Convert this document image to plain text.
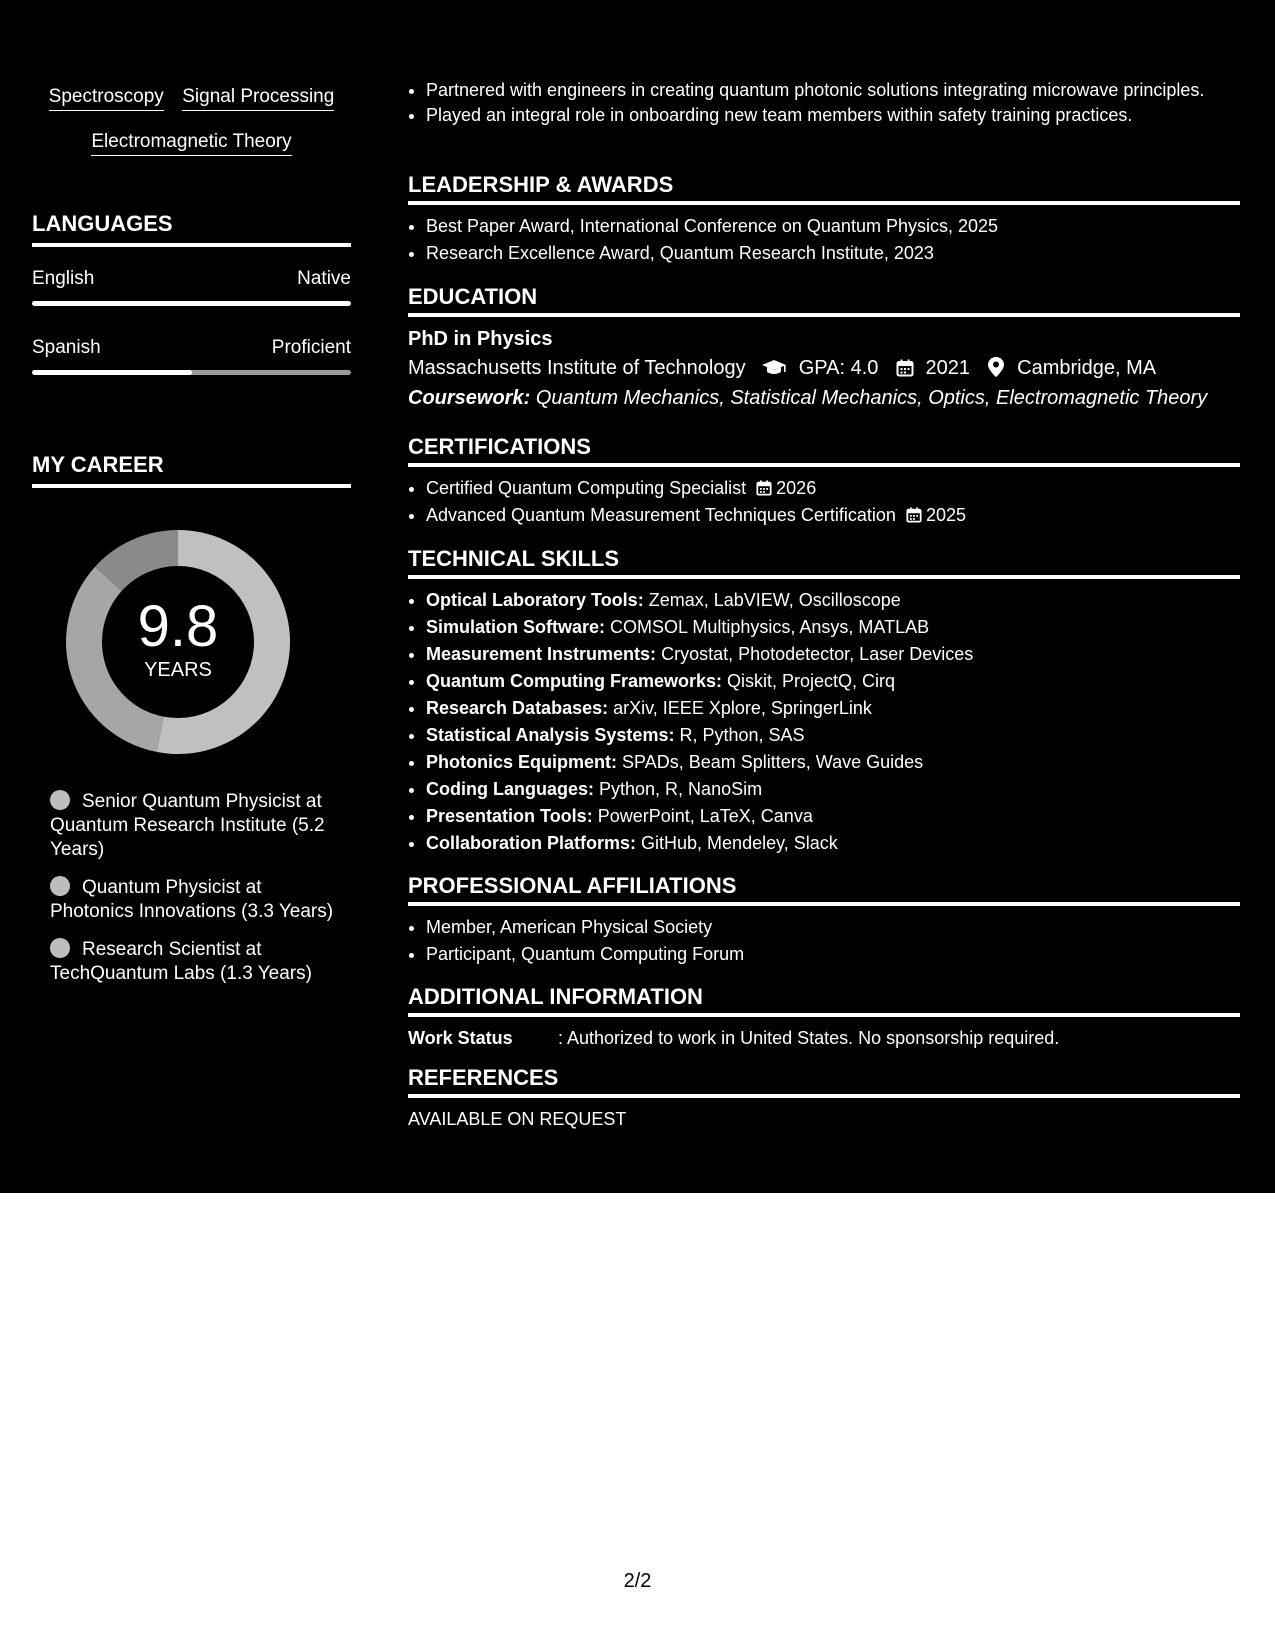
Spectroscopy Signal Processing
Electromagnetic Theory
LANGUAGES
English	Native
Spanish	Proficient
MY CAREER
9.8
YEARS
Senior Quantum Physicist at Quantum Research Institute (5.2 Years)
Quantum Physicist at Photonics Innovations (3.3 Years)
Research Scientist at TechQuantum Labs (1.3 Years)
• Partnered with engineers in creating quantum photonic solutions integrating microwave principles.
• Played an integral role in onboarding new team members within safety training practices.
LEADERSHIP & AWARDS
• Best Paper Award, International Conference on Quantum Physics, 2025
• Research Excellence Award, Quantum Research Institute, 2023
EDUCATION
PhD in Physics
Massachusetts Institute of Technology	GPA: 4.0 2021 Cambridge, MA
Coursework: Quantum Mechanics, Statistical Mechanics, Optics, Electromagnetic Theory
CERTIFICATIONS
• Certified Quantum Computing Specialist 2026
• Advanced Quantum Measurement Techniques Certification 2025
TECHNICAL SKILLS
• Optical Laboratory Tools: Zemax, LabVIEW, Oscilloscope
• Simulation Software: COMSOL Multiphysics, Ansys, MATLAB
• Measurement Instruments: Cryostat, Photodetector, Laser Devices
• Quantum Computing Frameworks: Qiskit, ProjectQ, Cirq
• Research Databases: arXiv, IEEE Xplore, SpringerLink
• Statistical Analysis Systems: R, Python, SAS
• Photonics Equipment: SPADs, Beam Splitters, Wave Guides
• Coding Languages: Python, R, NanoSim
• Presentation Tools: PowerPoint, LaTeX, Canva
• Collaboration Platforms: GitHub, Mendeley, Slack
PROFESSIONAL AFFILIATIONS
• Member, American Physical Society
• Participant, Quantum Computing Forum
ADDITIONAL INFORMATION
Work Status	: Authorized to work in United States. No sponsorship required.
REFERENCES
AVAILABLE ON REQUEST
2/2
